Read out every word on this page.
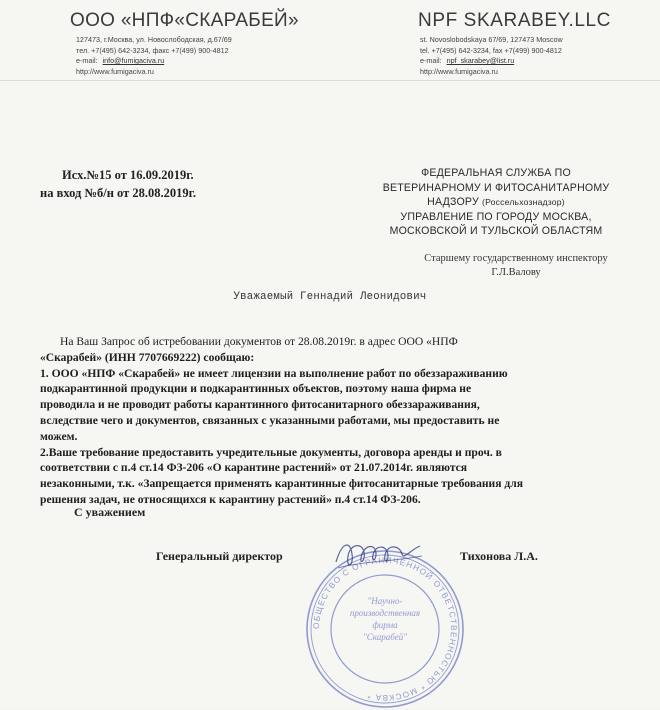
ООО «НПФ«СКАРАБЕЙ»
127473, г.Москва, ул. Новослободская, д.67/69
тел. +7(495) 642-3234, факс +7(499) 900-4812
e-mail: info@fumigaciva.ru
http://www.fumigaciva.ru
NPF SKARABEY.LLC
st. Novoslobodskaya 67/69, 127473 Moscow
tel. +7(495) 642-3234, fax +7(499) 900-4812
e-mail: npf_skarabey@list.ru
http://www.fumigaciva.ru
Исх.№15 от 16.09.2019г.
на вход №б/н от 28.08.2019г.
ФЕДЕРАЛЬНАЯ СЛУЖБА ПО
ВЕТЕРИНАРНОМУ И ФИТОСАНИТАРНОМУ
НАДЗОРУ (Россельхознадзор)
УПРАВЛЕНИЕ ПО ГОРОДУ МОСКВА,
МОСКОВСКОЙ И ТУЛЬСКОЙ ОБЛАСТЯМ
Старшему государственному инспектору
Г.Л.Валову
Уважаемый Геннадий Леонидович

На Ваш Запрос об истребовании документов от 28.08.2019г. в адрес ООО «НПФ

«Скарабей» (ИНН 7707669222) сообщаю:

1. ООО «НПФ «Скарабей» не имеет лицензии на выполнение работ по обеззараживанию

подкарантинной продукции и подкарантинных объектов, поэтому наша фирма не

проводила и не проводит работы карантинного фитосанитарного обеззараживания,

вследствие чего и документов, связанных с указанными работами, мы предоставить не

можем.

2.Ваше требование предоставить учредительные документы, договора аренды и проч. в

соответствии с п.4 ст.14 ФЗ-206 «О карантине растений» от 21.07.2014г. являются

незаконными, т.к. «Запрещается применять карантинные фитосанитарные требования для

решения задач, не относящихся к карантину растений» п.4 ст.14 ФЗ-206.

С уважением
ОБЩЕСТВО С ОГРАНИЧЕННОЙ ОТВЕТСТВЕННОСТЬЮ * МОСКВА *
"Научно-
производственная
фирма
"Скарабей"
Генеральный директор	Тихонова Л.А.
